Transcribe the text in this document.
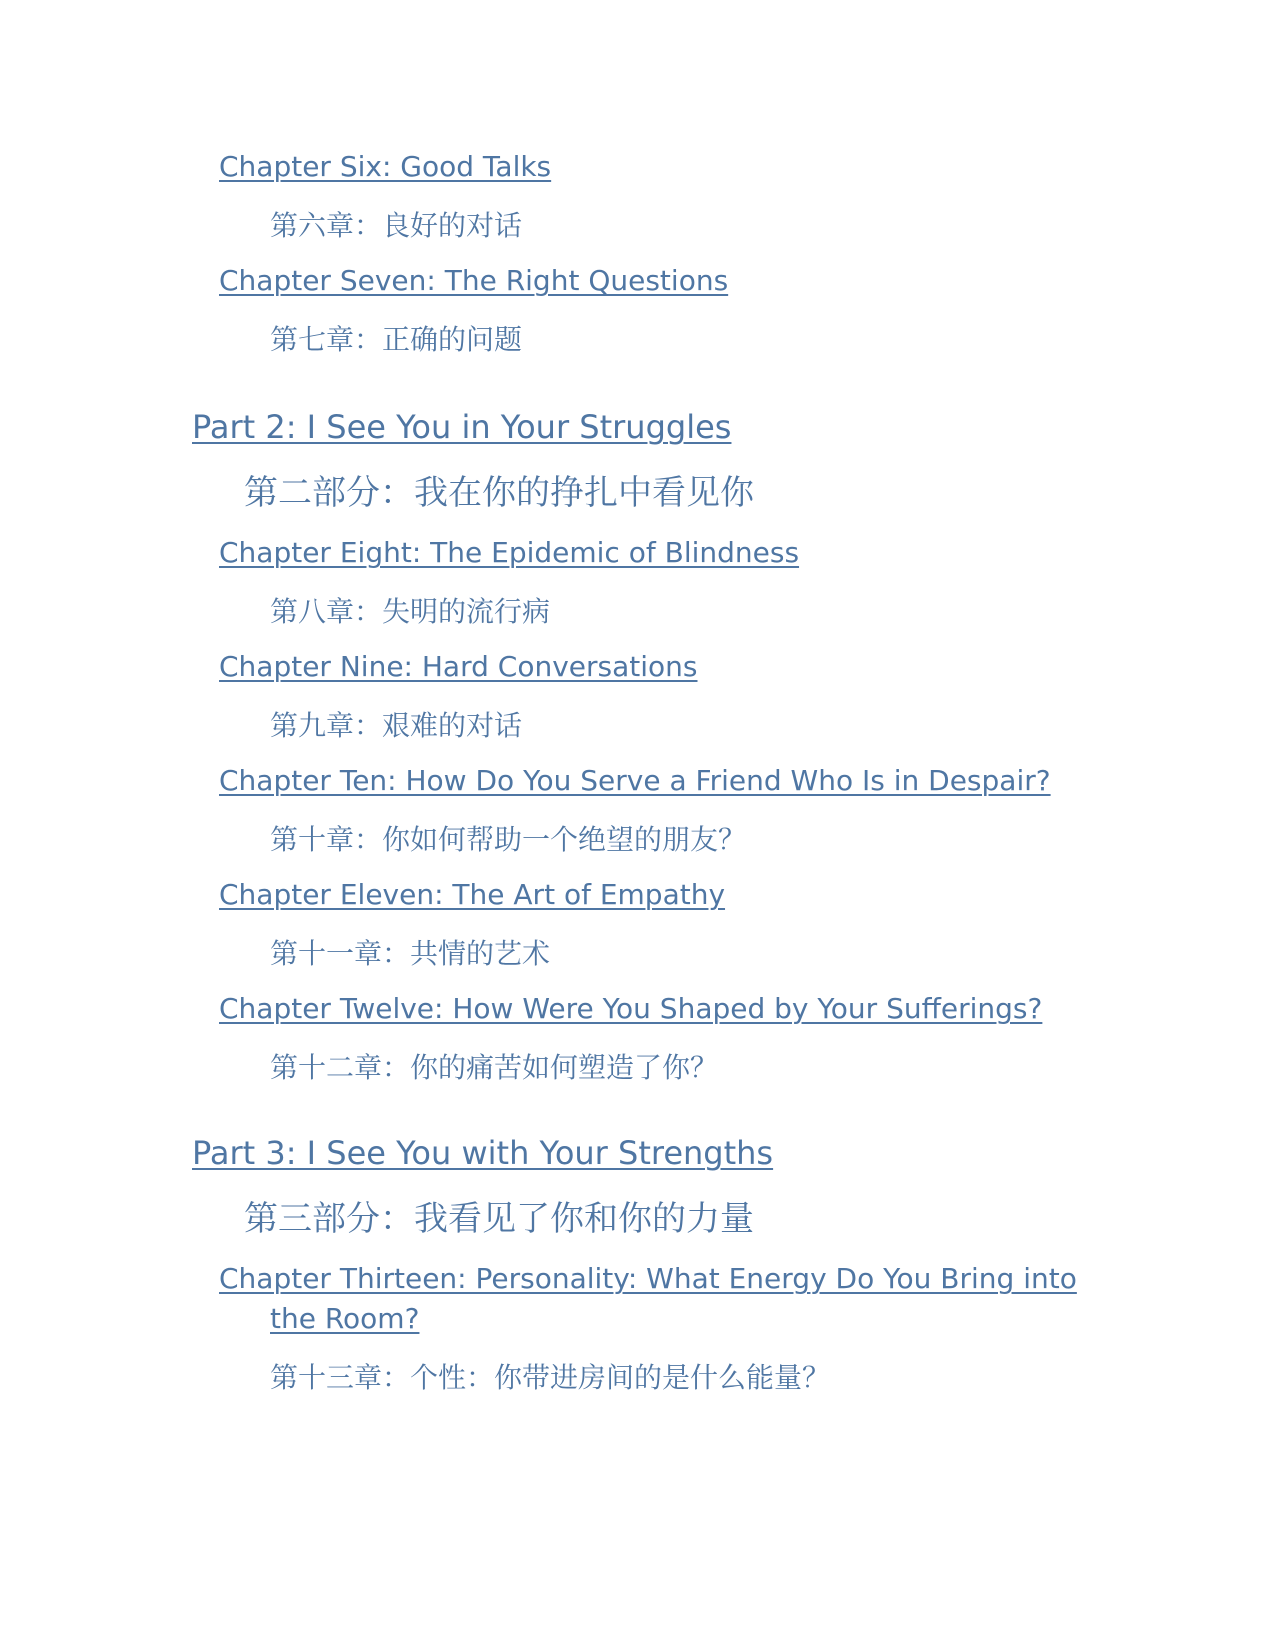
Chapter Six: Good Talks
第六章：良好的对话
Chapter Seven: The Right Questions
第七章：正确的问题
Part 2: I See You in Your Struggles
第二部分：我在你的挣扎中看见你
Chapter Eight: The Epidemic of Blindness
第八章：失明的流行病
Chapter Nine: Hard Conversations
第九章：艰难的对话
Chapter Ten: How Do You Serve a Friend Who Is in Despair?
第十章：你如何帮助一个绝望的朋友？
Chapter Eleven: The Art of Empathy
第十一章：共情的艺术
Chapter Twelve: How Were You Shaped by Your Sufferings?
第十二章：你的痛苦如何塑造了你？
Part 3: I See You with Your Strengths
第三部分：我看见了你和你的力量
Chapter Thirteen: Personality: What Energy Do You Bring into
the Room?
第十三章：个性：你带进房间的是什么能量？
